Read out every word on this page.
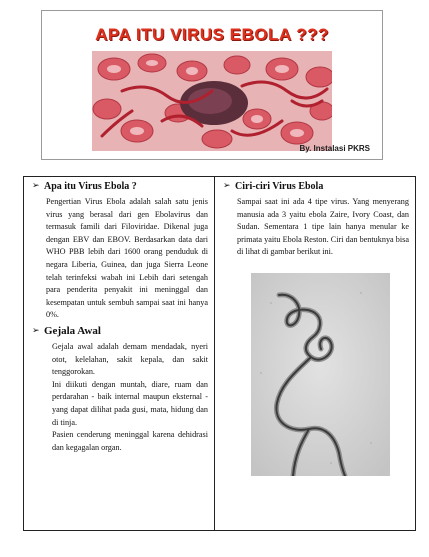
APA ITU VIRUS EBOLA ???
By. Instalasi PKRS
➢ Apa itu Virus Ebola ?

Pengertian Virus Ebola adalah salah satu jenis virus yang berasal dari gen Ebolavirus dan termasuk famili dari Filoviridae. Dikenal juga dengan EBV dan EBOV. Berdasarkan data dari WHO PBB lebih dari 1600 orang penduduk di negara Liberia, Guinea, dan juga Sierra Leone telah terinfeksi wabah ini Lebih dari setengah para penderita penyakit ini meninggal dan kesempatan untuk sembuh sampai saat ini hanya 0%.

➢ Gejala Awal

Gejala awal adalah demam mendadak, nyeri otot, kelelahan, sakit kepala, dan sakit tenggorokan.

Ini diikuti dengan muntah, diare, ruam dan perdarahan - baik internal maupun eksternal - yang dapat dilihat pada gusi, mata, hidung dan di tinja.

Pasien cenderung meninggal karena dehidrasi dan kegagalan organ.

➢ Ciri-ciri Virus Ebola

Sampai saat ini ada 4 tipe virus. Yang menyerang manusia ada 3 yaitu ebola Zaire, Ivory Coast, dan Sudan. Sementara 1 tipe lain hanya menular ke primata yaitu Ebola Reston. Ciri dan bentuknya bisa di lihat di gambar berikut ini.
